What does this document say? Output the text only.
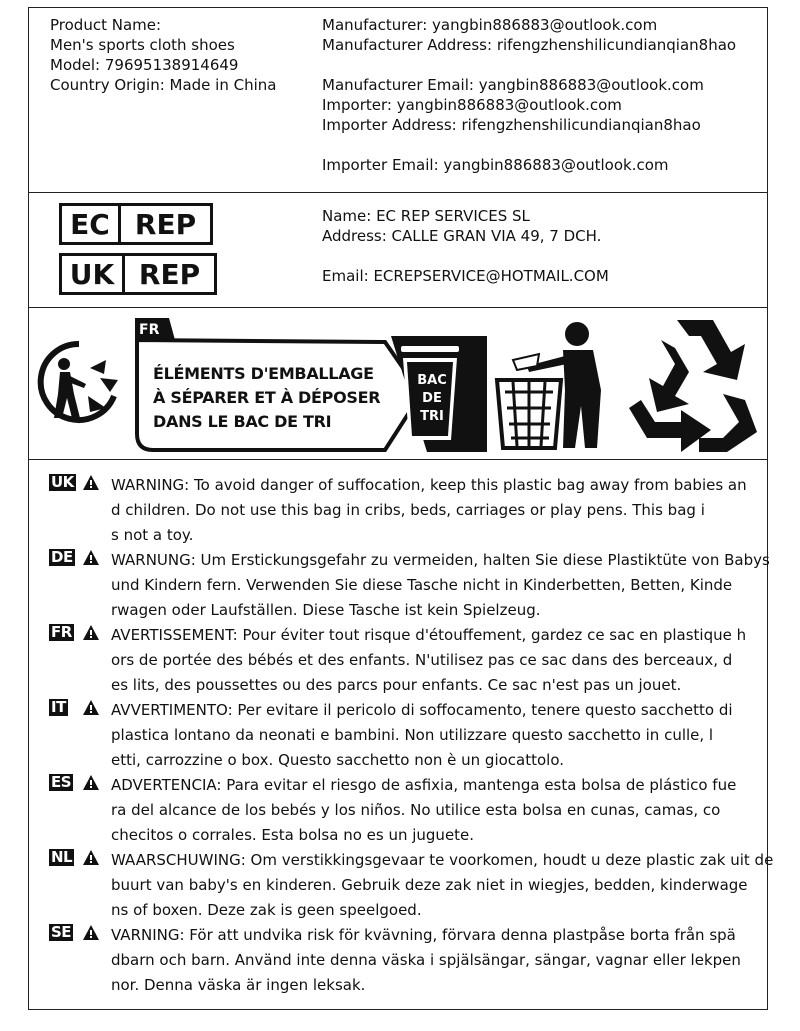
Product Name:
Men's sports cloth shoes
Model: 79695138914649
Country Origin: Made in China
Manufacturer: yangbin886883@outlook.com
Manufacturer Address: rifengzhenshilicundianqian8hao
Manufacturer Email: yangbin886883@outlook.com
Importer: yangbin886883@outlook.com
Importer Address: rifengzhenshilicundianqian8hao
Importer Email: yangbin886883@outlook.com
EC REP
UK REP
Name: EC REP SERVICES SL
Address: CALLE GRAN VIA 49, 7 DCH.
Email: ECREPSERVICE@HOTMAIL.COM
FR
ÉLÉMENTS D'EMBALLAGE
À SÉPARER ET À DÉPOSER
DANS LE BAC DE TRI
BAC
DE
TRI
UK WARNING: To avoid danger of suffocation, keep this plastic bag away from babies an
d children. Do not use this bag in cribs, beds, carriages or play pens. This bag i
s not a toy.
DE	WARNUNG: Um Erstickungsgefahr zu vermeiden, halten Sie diese Plastiktüte von Babys
und Kindern fern. Verwenden Sie diese Tasche nicht in Kinderbetten, Betten, Kinde
rwagen oder Laufställen. Diese Tasche ist kein Spielzeug.
FR	AVERTISSEMENT: Pour éviter tout risque d'étouffement, gardez ce sac en plastique h
ors de portée des bébés et des enfants. N'utilisez pas ce sac dans des berceaux, d
es lits, des poussettes ou des parcs pour enfants. Ce sac n'est pas un jouet.
IT	AVVERTIMENTO: Per evitare il pericolo di soffocamento, tenere questo sacchetto di
plastica lontano da neonati e bambini. Non utilizzare questo sacchetto in culle, l
etti, carrozzine o box. Questo sacchetto non è un giocattolo.
ES	ADVERTENCIA: Para evitar el riesgo de asfixia, mantenga esta bolsa de plástico fue
ra del alcance de los bebés y los niños. No utilice esta bolsa en cunas, camas, co
checitos o corrales. Esta bolsa no es un juguete.
NL	WAARSCHUWING: Om verstikkingsgevaar te voorkomen, houdt u deze plastic zak uit de
buurt van baby's en kinderen. Gebruik deze zak niet in wiegjes, bedden, kinderwage
ns of boxen. Deze zak is geen speelgoed.
SE	VARNING: För att undvika risk för kvävning, förvara denna plastpåse borta från spä
dbarn och barn. Använd inte denna väska i spjälsängar, sängar, vagnar eller lekpen
nor. Denna väska är ingen leksak.
